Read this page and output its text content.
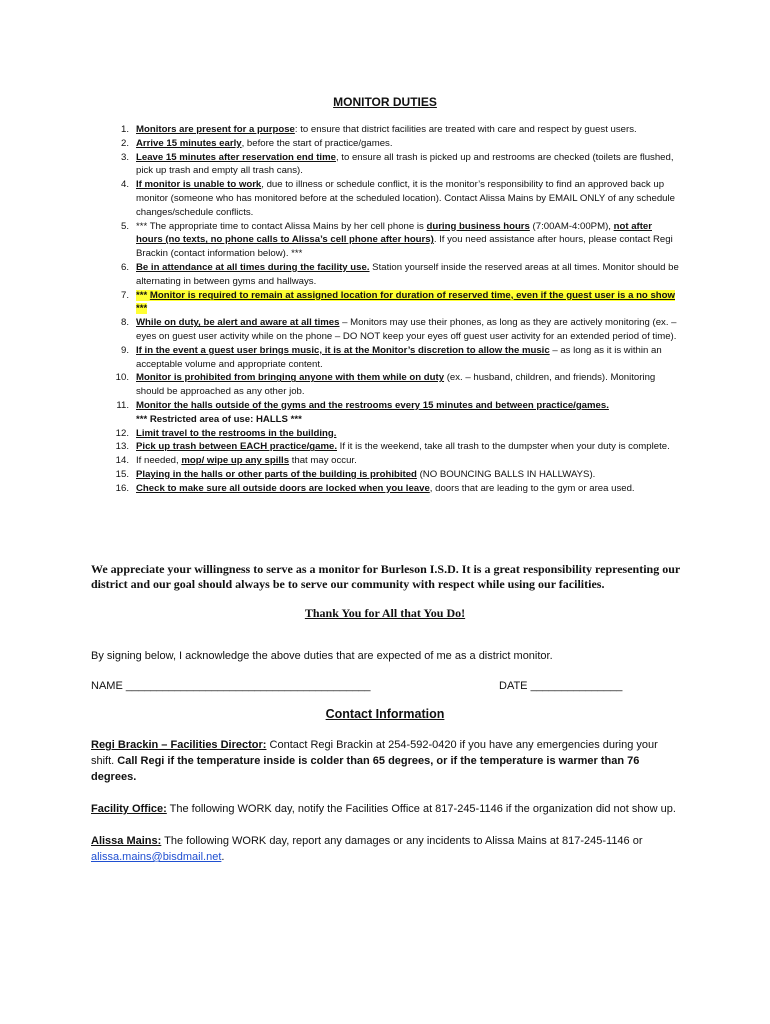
MONITOR DUTIES
1. Monitors are present for a purpose: to ensure that district facilities are treated with care and respect by guest users.
2. Arrive 15 minutes early, before the start of practice/games.
3. Leave 15 minutes after reservation end time, to ensure all trash is picked up and restrooms are checked (toilets are flushed, pick up trash and empty all trash cans).
4. If monitor is unable to work, due to illness or schedule conflict, it is the monitor’s responsibility to find an approved back up monitor (someone who has monitored before at the scheduled location). Contact Alissa Mains by EMAIL ONLY of any schedule changes/schedule conflicts.
5. *** The appropriate time to contact Alissa Mains by her cell phone is during business hours (7:00AM-4:00PM), not after hours (no texts, no phone calls to Alissa’s cell phone after hours). If you need assistance after hours, please contact Regi Brackin (contact information below). ***
6. Be in attendance at all times during the facility use. Station yourself inside the reserved areas at all times. Monitor should be alternating in between gyms and hallways.
7. *** Monitor is required to remain at assigned location for duration of reserved time, even if the guest user is a no show ***
8. While on duty, be alert and aware at all times – Monitors may use their phones, as long as they are actively monitoring (ex. – eyes on guest user activity while on the phone – DO NOT keep your eyes off guest user activity for an extended period of time).
9. If in the event a guest user brings music, it is at the Monitor’s discretion to allow the music – as long as it is within an acceptable volume and appropriate content.
10. Monitor is prohibited from bringing anyone with them while on duty (ex. – husband, children, and friends). Monitoring should be approached as any other job.
11. Monitor the halls outside of the gyms and the restrooms every 15 minutes and between practice/games.
*** Restricted area of use: HALLS ***
12. Limit travel to the restrooms in the building.
13. Pick up trash between EACH practice/game. If it is the weekend, take all trash to the dumpster when your duty is complete.
14. If needed, mop/ wipe up any spills that may occur.
15. Playing in the halls or other parts of the building is prohibited (NO BOUNCING BALLS IN HALLWAYS).
16. Check to make sure all outside doors are locked when you leave, doors that are leading to the gym or area used.
We appreciate your willingness to serve as a monitor for Burleson I.S.D. It is a great responsibility representing our district and our goal should always be to serve our community with respect while using our facilities.
Thank You for All that You Do!
By signing below, I acknowledge the above duties that are expected of me as a district monitor.
NAME ________________________________________	DATE _______________
Contact Information
Regi Brackin – Facilities Director: Contact Regi Brackin at 254-592-0420 if you have any emergencies during your shift. Call Regi if the temperature inside is colder than 65 degrees, or if the temperature is warmer than 76 degrees.
Facility Office: The following WORK day, notify the Facilities Office at 817-245-1146 if the organization did not show up.
Alissa Mains: The following WORK day, report any damages or any incidents to Alissa Mains at 817-245-1146 or alissa.mains@bisdmail.net.
